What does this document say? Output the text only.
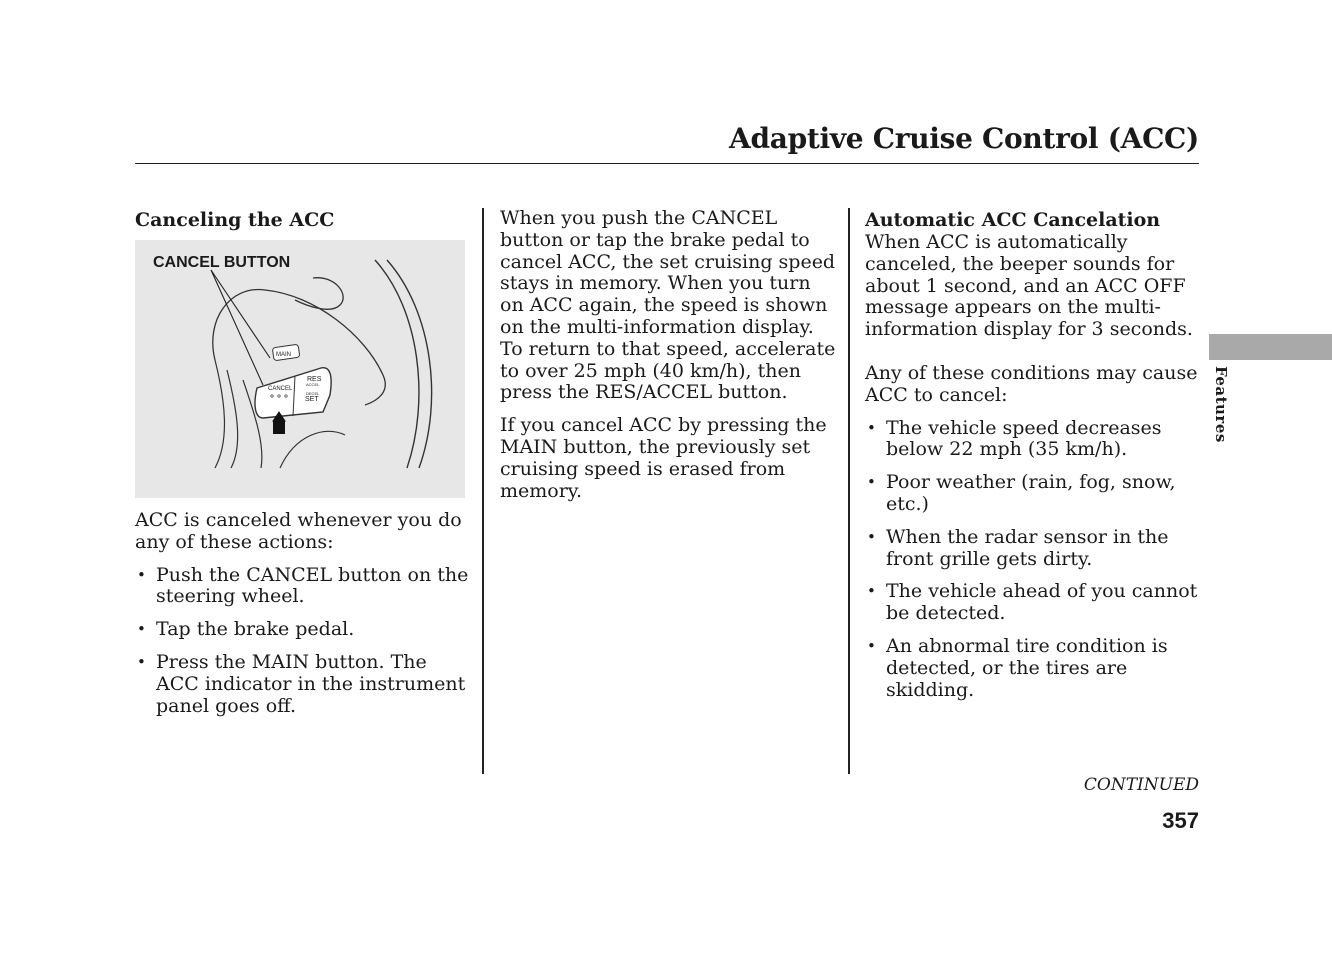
Adaptive Cruise Control (ACC)
Canceling the ACC
MAIN
CANCEL
RES
ACCEL
DECEL
SET
CANCEL BUTTON

ACC is canceled whenever you do any of these actions:

• Push the CANCEL button on the steering wheel.
• Tap the brake pedal.
• Press the MAIN button. The ACC indicator in the instrument panel goes off.

When you push the CANCEL button or tap the brake pedal to cancel ACC, the set cruising speed stays in memory. When you turn on ACC again, the speed is shown on the multi-information display. To return to that speed, accelerate to over 25 mph (40 km/h), then press the RES/ACCEL button.

If you cancel ACC by pressing the MAIN button, the previously set cruising speed is erased from memory.

Automatic ACC Cancelation

When ACC is automatically canceled, the beeper sounds for about 1 second, and an ACC OFF message appears on the multi-information display for 3 seconds.

Any of these conditions may cause ACC to cancel:

• The vehicle speed decreases below 22 mph (35 km/h).
• Poor weather (rain, fog, snow, etc.)
• When the radar sensor in the front grille gets dirty.
• The vehicle ahead of you cannot be detected.
• An abnormal tire condition is detected, or the tires are skidding.
Features
CONTINUED
357
